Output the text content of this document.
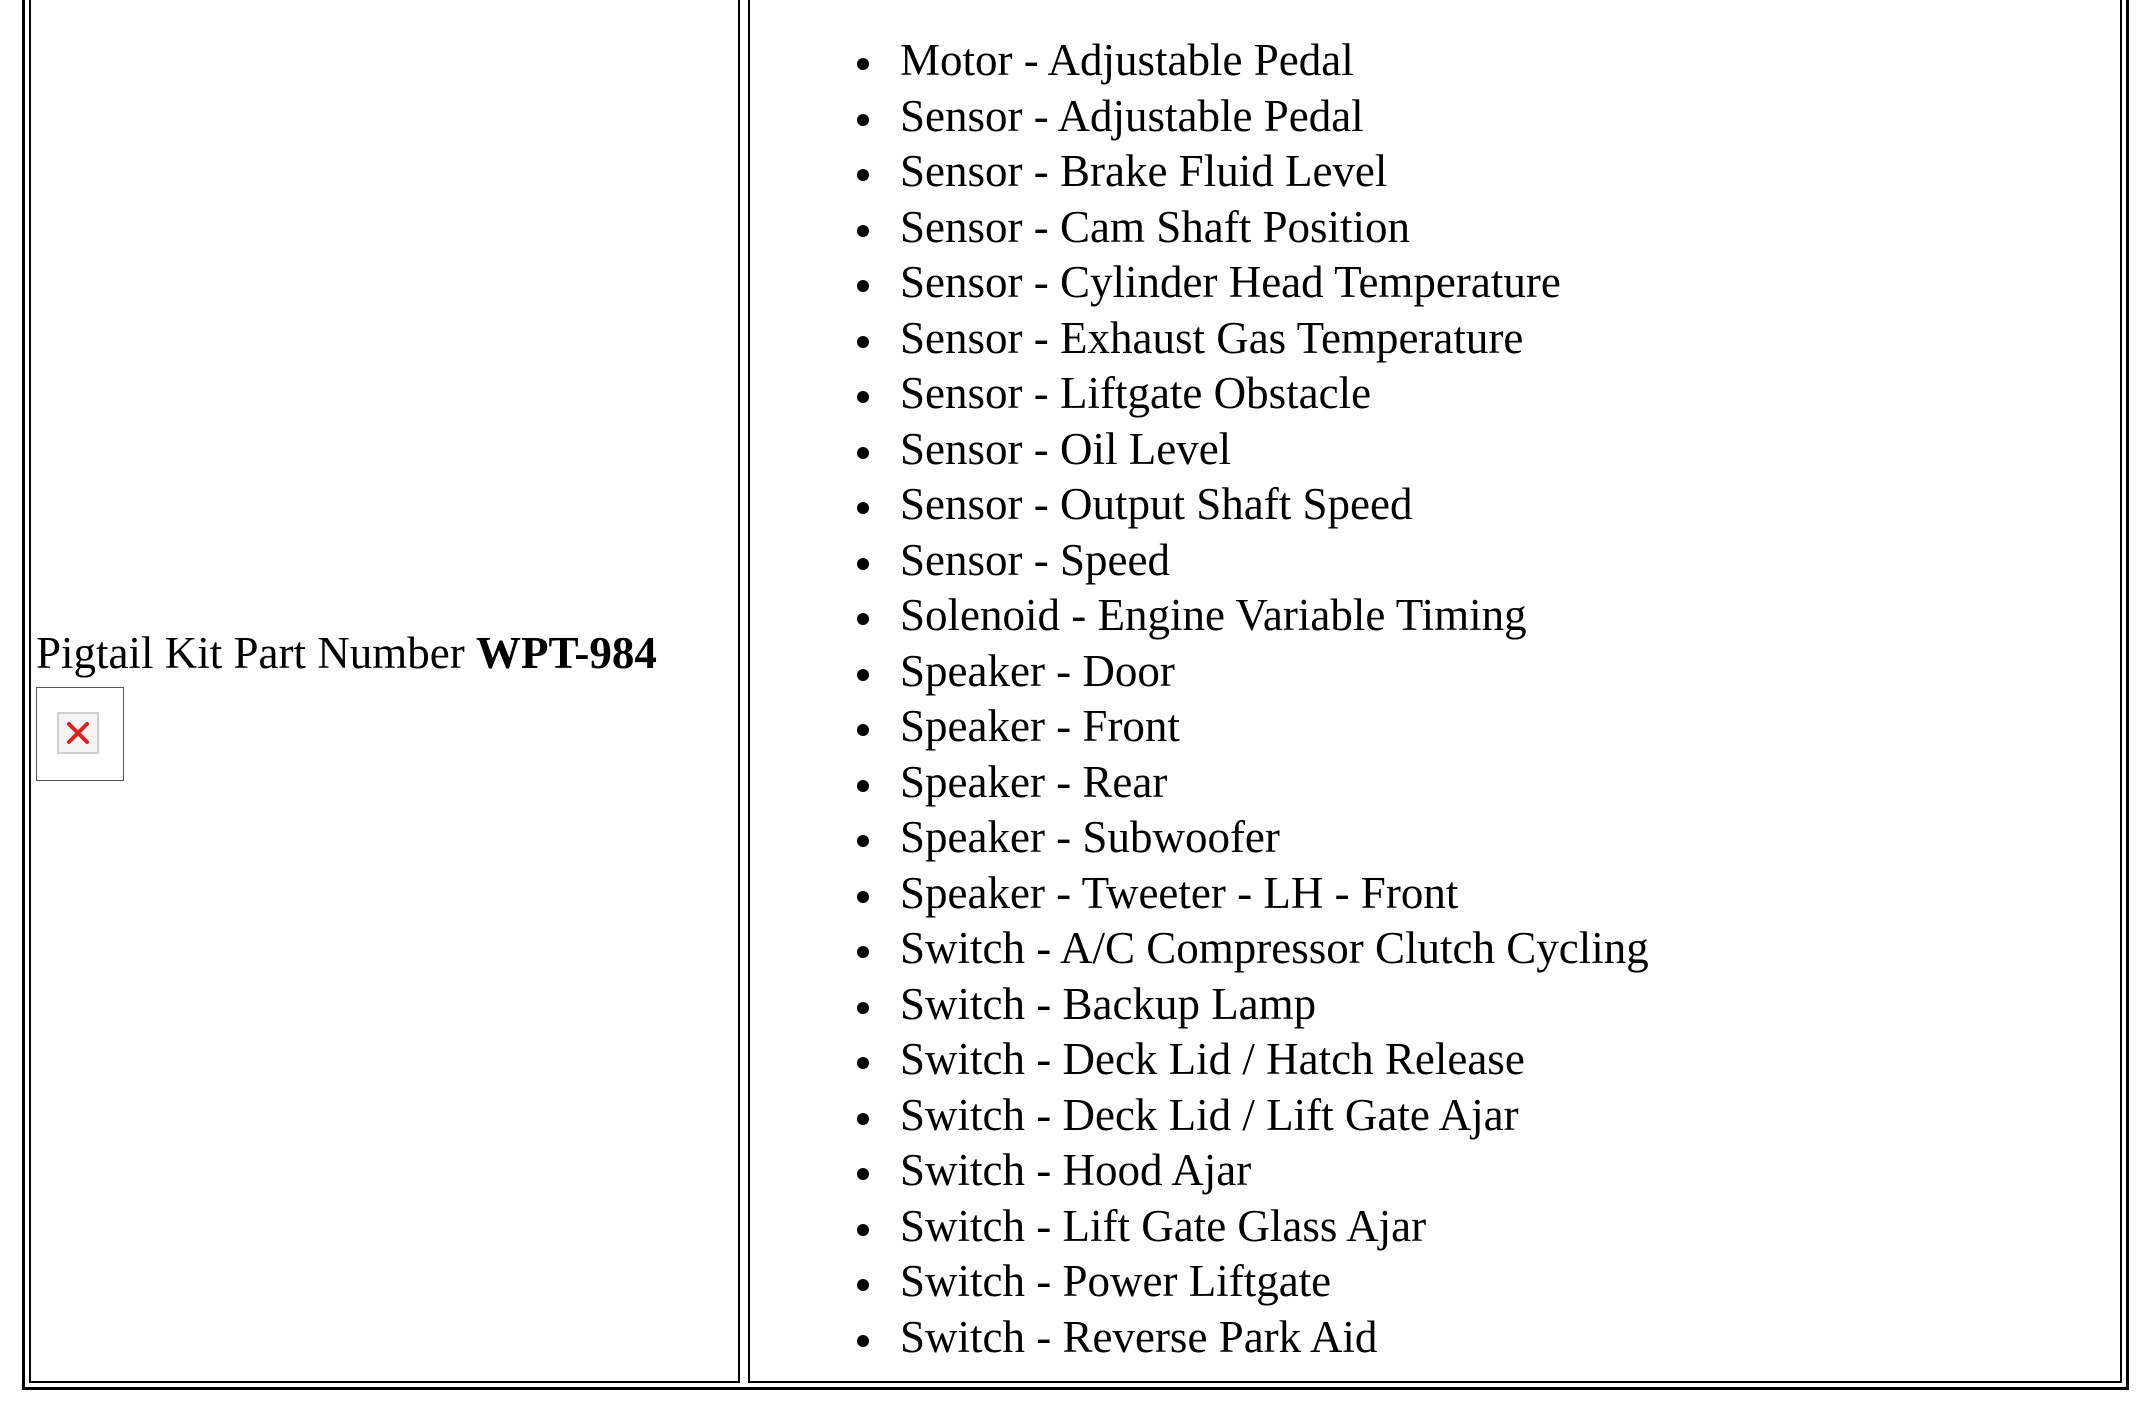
Pigtail Kit Part Number WPT-984
Motor - Adjustable Pedal
Sensor - Adjustable Pedal
Sensor - Brake Fluid Level
Sensor - Cam Shaft Position
Sensor - Cylinder Head Temperature
Sensor - Exhaust Gas Temperature
Sensor - Liftgate Obstacle
Sensor - Oil Level
Sensor - Output Shaft Speed
Sensor - Speed
Solenoid - Engine Variable Timing
Speaker - Door
Speaker - Front
Speaker - Rear
Speaker - Subwoofer
Speaker - Tweeter - LH - Front
Switch - A/C Compressor Clutch Cycling
Switch - Backup Lamp
Switch - Deck Lid / Hatch Release
Switch - Deck Lid / Lift Gate Ajar
Switch - Hood Ajar
Switch - Lift Gate Glass Ajar
Switch - Power Liftgate
Switch - Reverse Park Aid
